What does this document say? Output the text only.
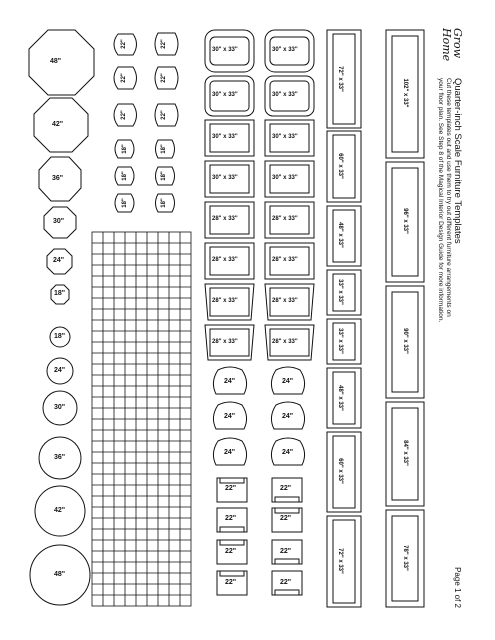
48"
42"
36"
30"
24"
18"
18"
24"
30"
36"
42"
48"
22"
22"
22"
18"
18"
18"
22"
22"
22"
18"
18"
18"
30" x 33"
30" x 33"
30" x 33"
30" x 33"
30" x 33"
30" x 33"
30" x 33"
30" x 33"
28" x 33"
28" x 33"
28" x 33"
28" x 33"
28" x 33"
28" x 33"
28" x 33"
28" x 33"
24"
24"
24"
24"
24"
24"
22"
22"
22"
22"
22"
22"
22"
22"
72" x 33"
60" x 33"
48" x 33"
33" x 33"
33" x 33"
48" x 33"
60" x 33"
72" x 33"
102" x 33"
96" x 33"
90" x 33"
84" x 33"
78" x 33"
Grow Home
Quarter-inch Scale Furniture Templates
Cut these templates out and use them to try out different furniture arrangements on
your floor plan. See Step 8 of the Magical Interior Design Guide for more information.
Page 1 of 2
